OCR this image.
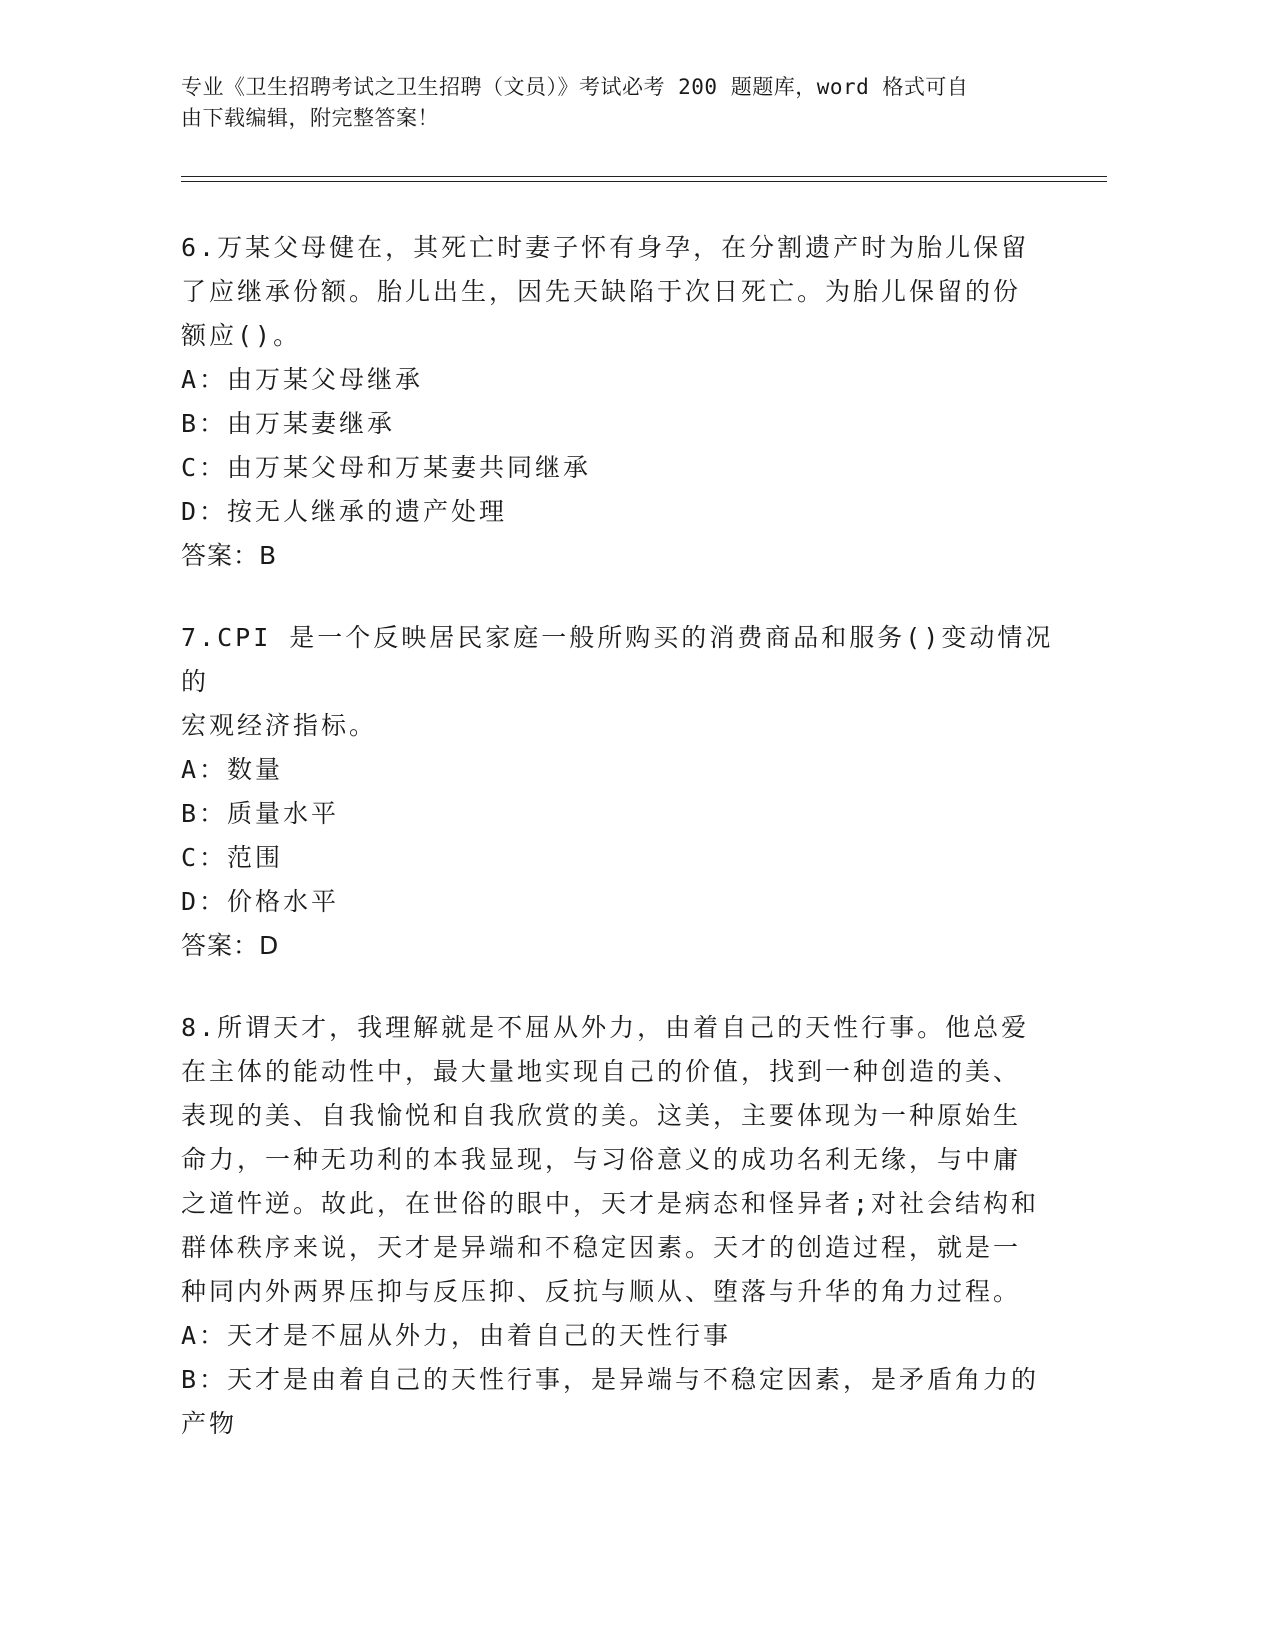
专业《卫生招聘考试之卫生招聘（文员）》考试必考 200 题题库，word 格式可自
由下载编辑，附完整答案！

6.万某父母健在，其死亡时妻子怀有身孕，在分割遗产时为胎儿保留

了应继承份额。胎儿出生，因先天缺陷于次日死亡。为胎儿保留的份

额应()。

A：由万某父母继承

B：由万某妻继承

C：由万某父母和万某妻共同继承

D：按无人继承的遗产处理

答案：B

7.CPI 是一个反映居民家庭一般所购买的消费商品和服务()变动情况的

宏观经济指标。

A：数量

B：质量水平

C：范围

D：价格水平

答案：D

8.所谓天才，我理解就是不屈从外力，由着自己的天性行事。他总爱

在主体的能动性中，最大量地实现自己的价值，找到一种创造的美、

表现的美、自我愉悦和自我欣赏的美。这美，主要体现为一种原始生

命力，一种无功利的本我显现，与习俗意义的成功名利无缘，与中庸

之道忤逆。故此，在世俗的眼中，天才是病态和怪异者;对社会结构和

群体秩序来说，天才是异端和不稳定因素。天才的创造过程，就是一

种同内外两界压抑与反压抑、反抗与顺从、堕落与升华的角力过程。

A：天才是不屈从外力，由着自己的天性行事

B：天才是由着自己的天性行事，是异端与不稳定因素，是矛盾角力的

产物
